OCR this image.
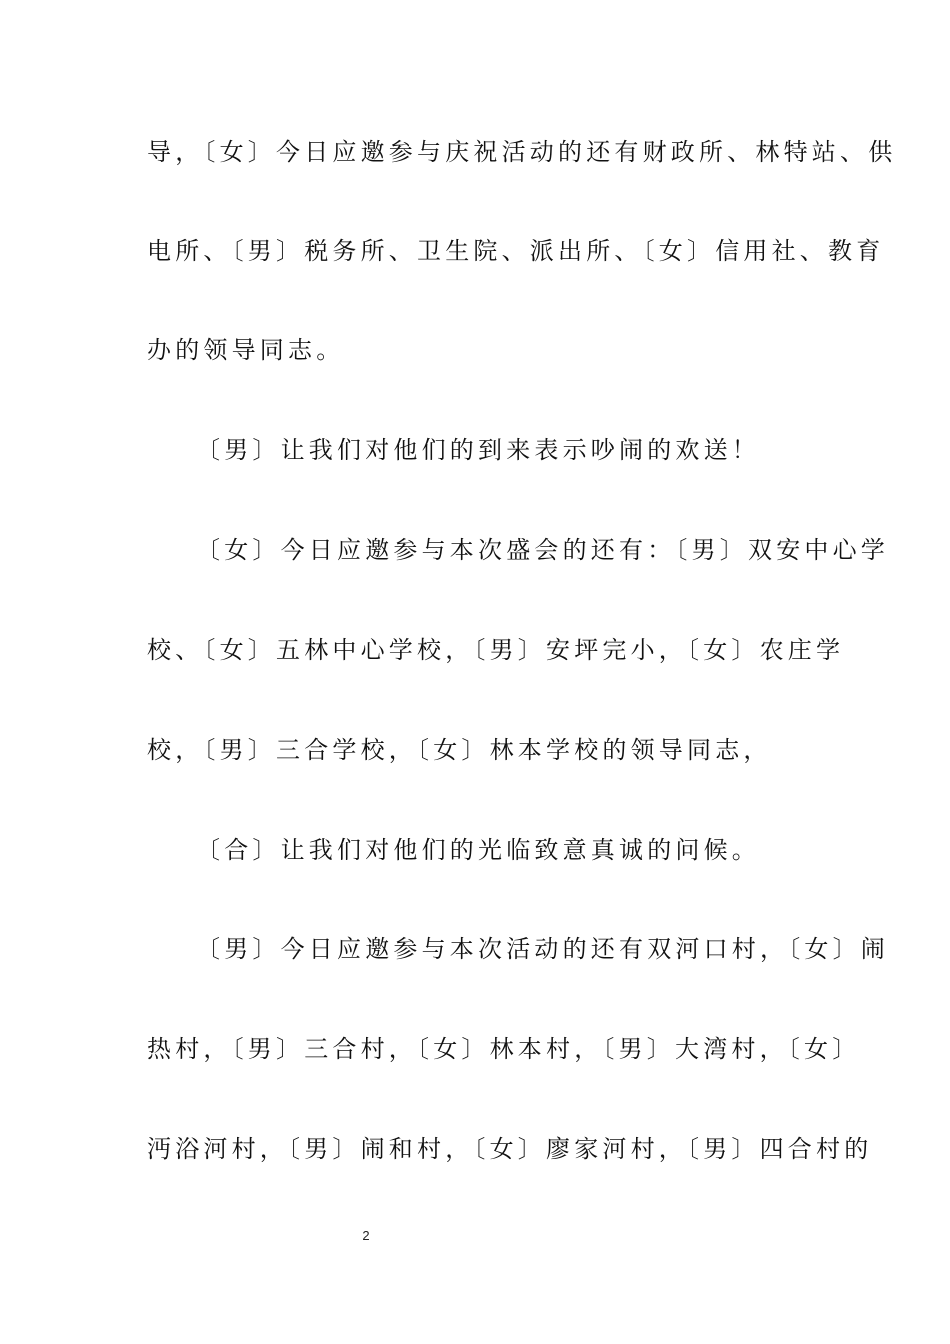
导，〔女〕今日应邀参与庆祝活动的还有财政所、林特站、供
电所、〔男〕税务所、卫生院、派出所、〔女〕信用社、教育
办的领导同志。
〔男〕让我们对他们的到来表示吵闹的欢送！
〔女〕今日应邀参与本次盛会的还有：〔男〕双安中心学
校、〔女〕五林中心学校，〔男〕安坪完小，〔女〕农庄学
校，〔男〕三合学校，〔女〕林本学校的领导同志，
〔合〕让我们对他们的光临致意真诚的问候。
〔男〕今日应邀参与本次活动的还有双河口村，〔女〕闹
热村，〔男〕三合村，〔女〕林本村，〔男〕大湾村，〔女〕
沔浴河村，〔男〕闹和村，〔女〕廖家河村，〔男〕四合村的
2
